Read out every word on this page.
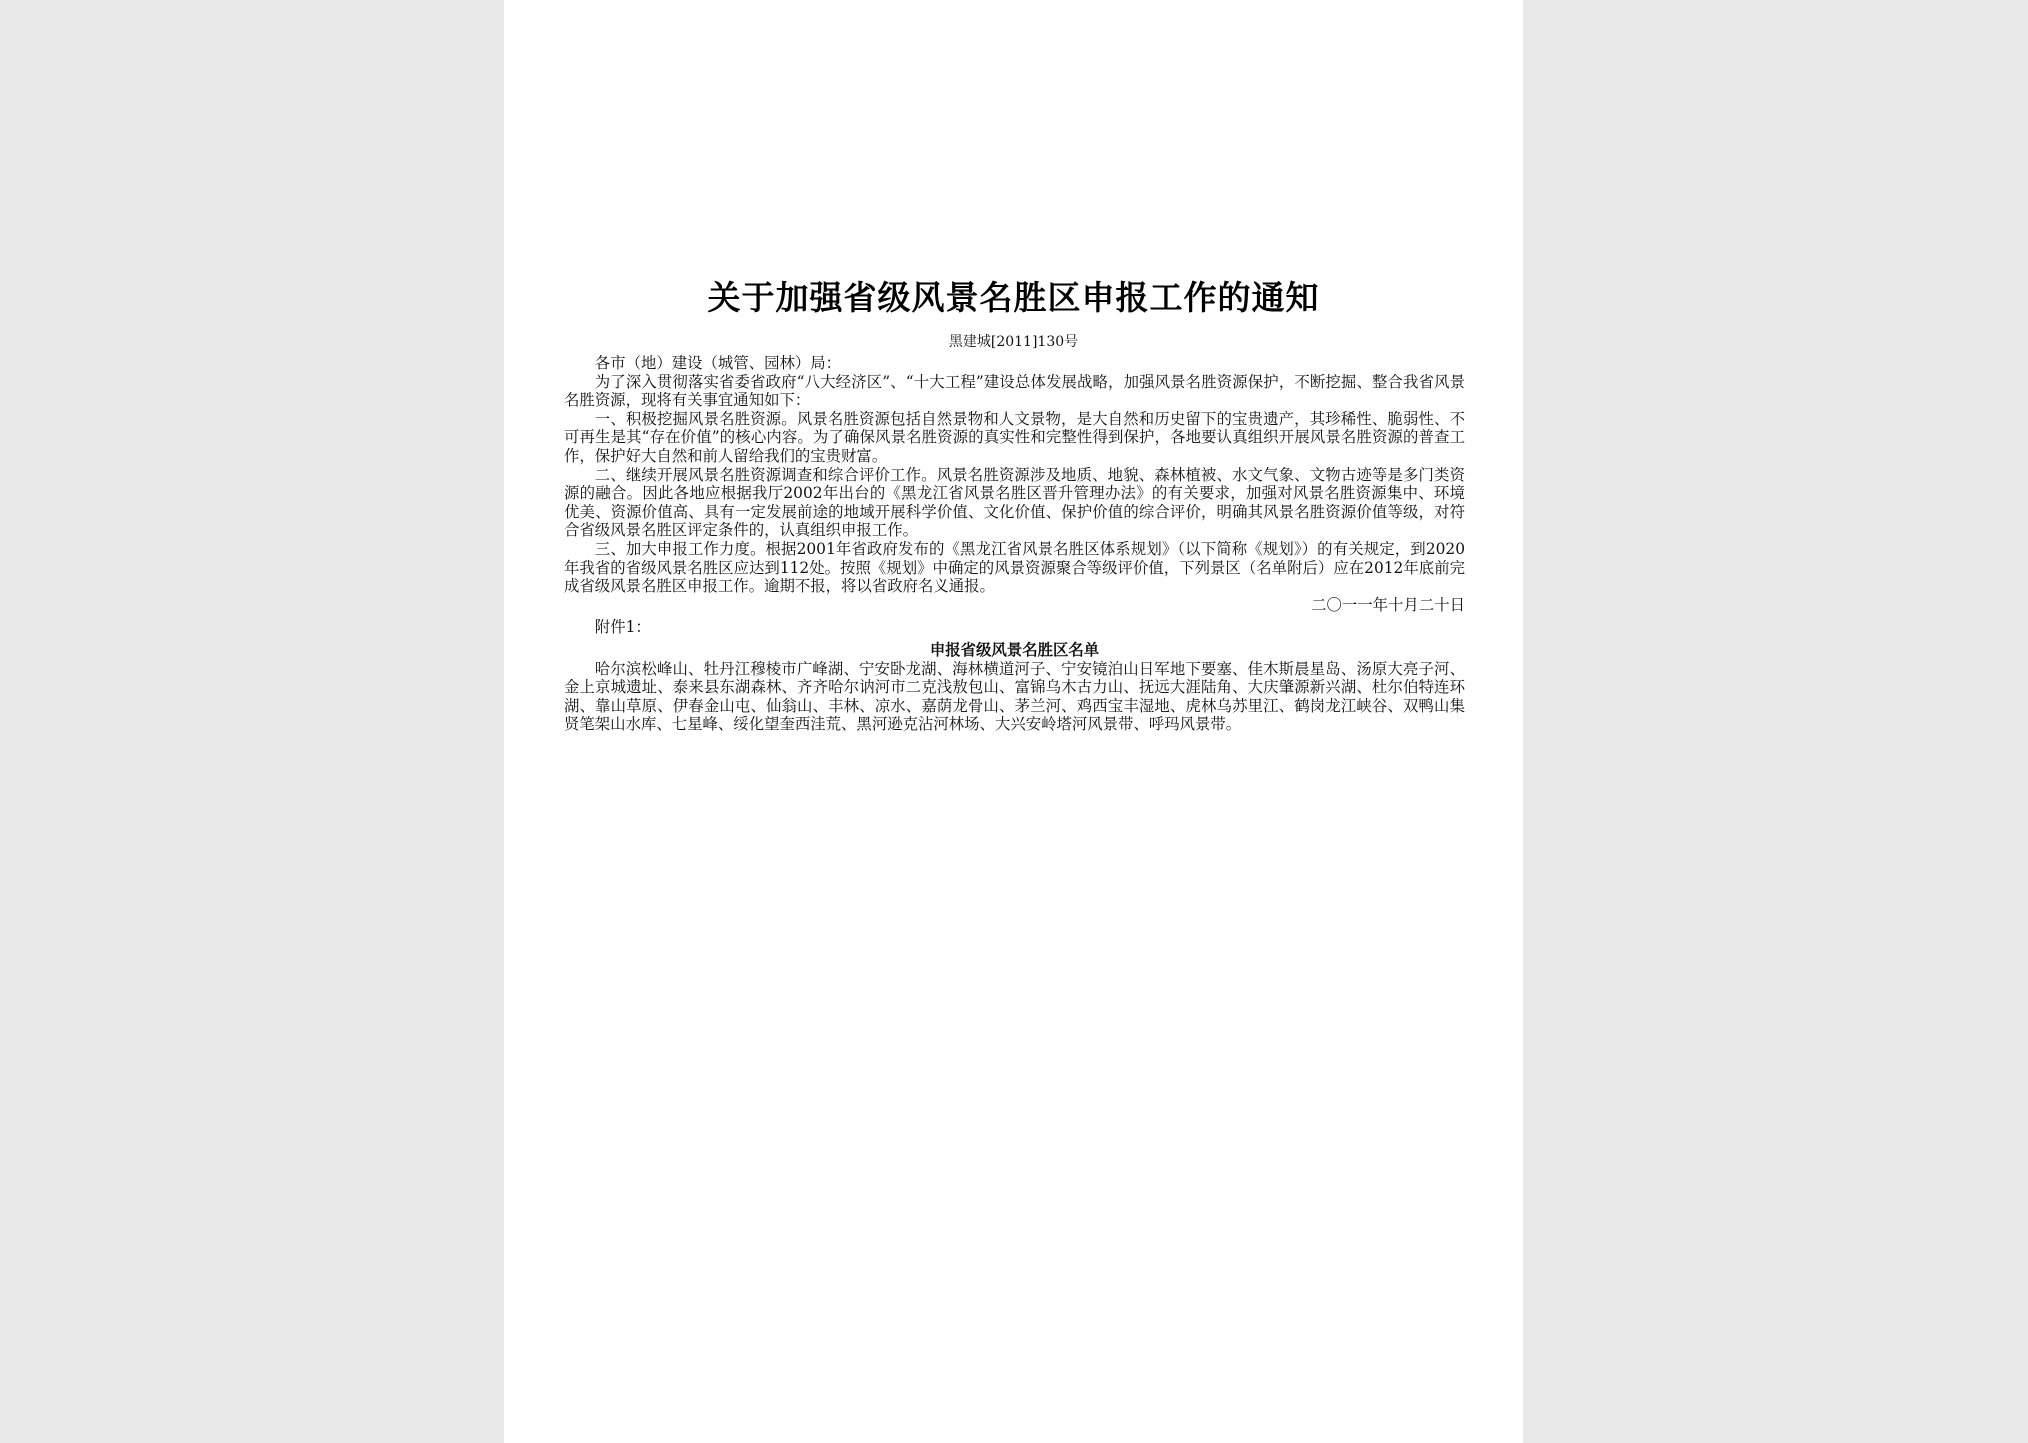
关于加强省级风景名胜区申报工作的通知

黑建城[2011]130号

各市（地）建设（城管、园林）局：

为了深入贯彻落实省委省政府“八大经济区”、“十大工程”建设总体发展战略，加强风景名胜资源保护，不断挖掘、整合我省风景名胜资源，现将有关事宜通知如下：

一、积极挖掘风景名胜资源。风景名胜资源包括自然景物和人文景物，是大自然和历史留下的宝贵遗产，其珍稀性、脆弱性、不可再生是其“存在价值”的核心内容。为了确保风景名胜资源的真实性和完整性得到保护，各地要认真组织开展风景名胜资源的普查工作，保护好大自然和前人留给我们的宝贵财富。

二、继续开展风景名胜资源调查和综合评价工作。风景名胜资源涉及地质、地貌、森林植被、水文气象、文物古迹等是多门类资源的融合。因此各地应根据我厅2002年出台的《黑龙江省风景名胜区晋升管理办法》的有关要求，加强对风景名胜资源集中、环境优美、资源价值高、具有一定发展前途的地域开展科学价值、文化价值、保护价值的综合评价，明确其风景名胜资源价值等级，对符合省级风景名胜区评定条件的，认真组织申报工作。

三、加大申报工作力度。根据2001年省政府发布的《黑龙江省风景名胜区体系规划》（以下简称《规划》）的有关规定，到2020年我省的省级风景名胜区应达到112处。按照《规划》中确定的风景资源聚合等级评价值，下列景区（名单附后）应在2012年底前完成省级风景名胜区申报工作。逾期不报，将以省政府名义通报。

二〇一一年十月二十日

附件1：

申报省级风景名胜区名单

哈尔滨松峰山、牡丹江穆棱市广峰湖、宁安卧龙湖、海林横道河子、宁安镜泊山日军地下要塞、佳木斯晨星岛、汤原大亮子河、金上京城遗址、泰来县东湖森林、齐齐哈尔讷河市二克浅敖包山、富锦乌木古力山、抚远大涯陆角、大庆肇源新兴湖、杜尔伯特连环湖、靠山草原、伊春金山屯、仙翁山、丰林、凉水、嘉荫龙骨山、茅兰河、鸡西宝丰湿地、虎林乌苏里江、鹤岗龙江峡谷、双鸭山集贤笔架山水库、七星峰、绥化望奎西洼荒、黑河逊克沾河林场、大兴安岭塔河风景带、呼玛风景带。
